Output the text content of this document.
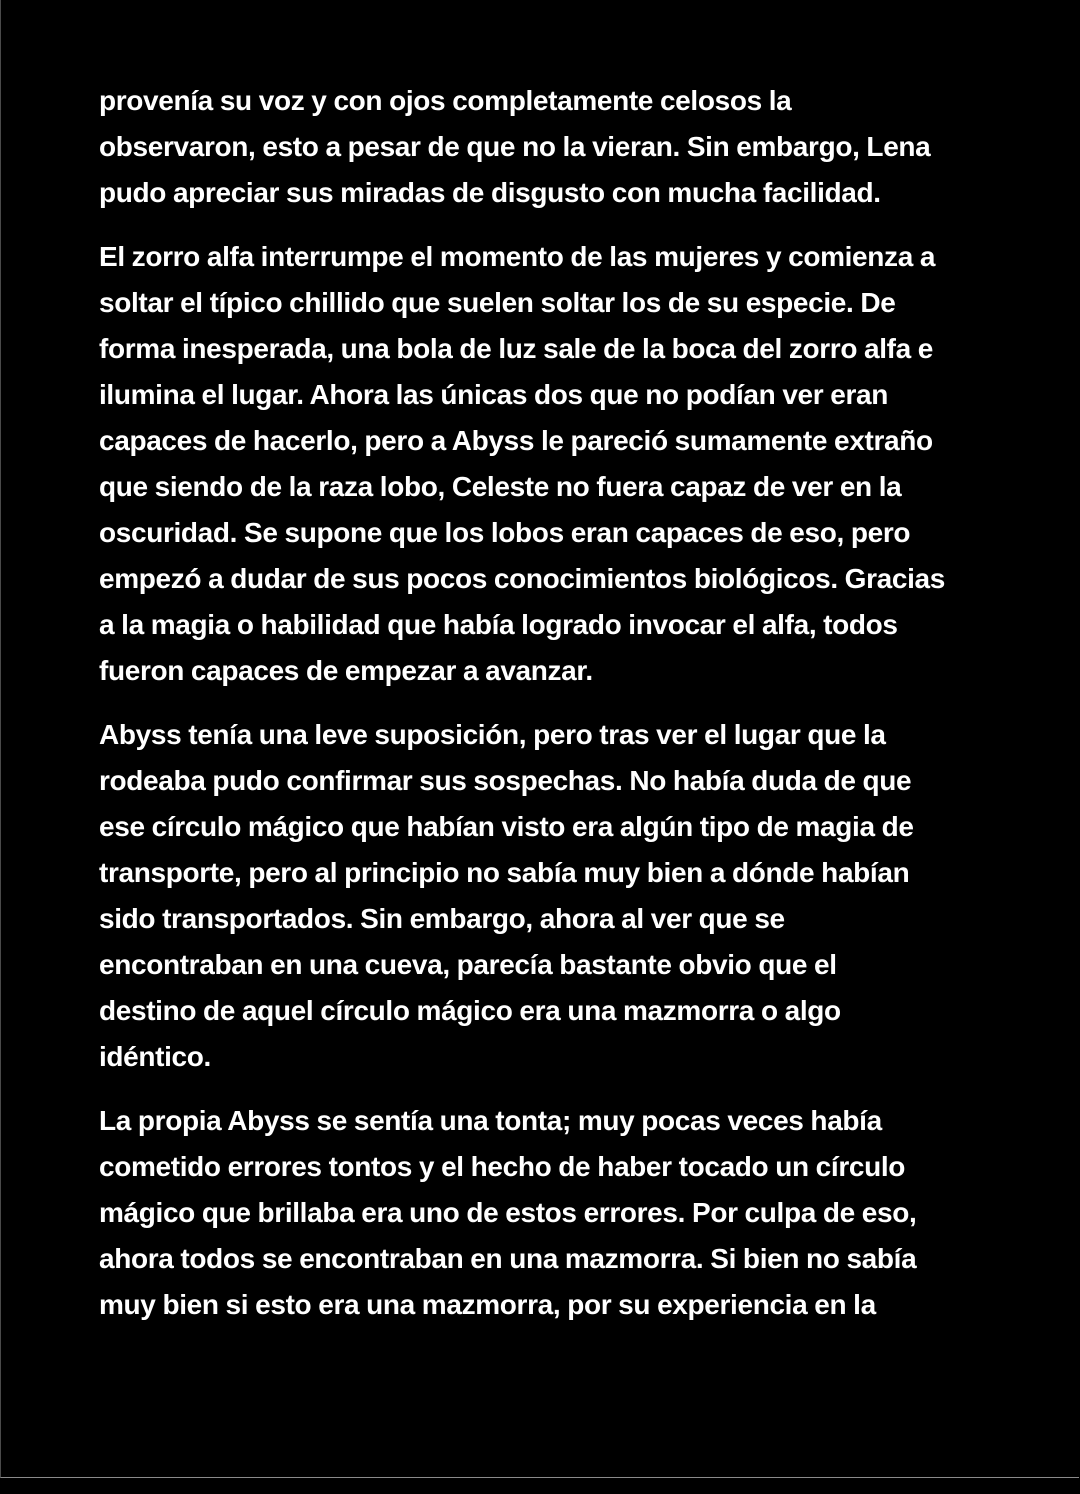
provenía su voz y con ojos completamente celosos la
observaron, esto a pesar de que no la vieran. Sin embargo, Lena
pudo apreciar sus miradas de disgusto con mucha facilidad.

El zorro alfa interrumpe el momento de las mujeres y comienza a
soltar el típico chillido que suelen soltar los de su especie. De
forma inesperada, una bola de luz sale de la boca del zorro alfa e
ilumina el lugar. Ahora las únicas dos que no podían ver eran
capaces de hacerlo, pero a Abyss le pareció sumamente extraño
que siendo de la raza lobo, Celeste no fuera capaz de ver en la
oscuridad. Se supone que los lobos eran capaces de eso, pero
empezó a dudar de sus pocos conocimientos biológicos. Gracias
a la magia o habilidad que había logrado invocar el alfa, todos
fueron capaces de empezar a avanzar.

Abyss tenía una leve suposición, pero tras ver el lugar que la
rodeaba pudo confirmar sus sospechas. No había duda de que
ese círculo mágico que habían visto era algún tipo de magia de
transporte, pero al principio no sabía muy bien a dónde habían
sido transportados. Sin embargo, ahora al ver que se
encontraban en una cueva, parecía bastante obvio que el
destino de aquel círculo mágico era una mazmorra o algo
idéntico.

La propia Abyss se sentía una tonta; muy pocas veces había
cometido errores tontos y el hecho de haber tocado un círculo
mágico que brillaba era uno de estos errores. Por culpa de eso,
ahora todos se encontraban en una mazmorra. Si bien no sabía
muy bien si esto era una mazmorra, por su experiencia en la
